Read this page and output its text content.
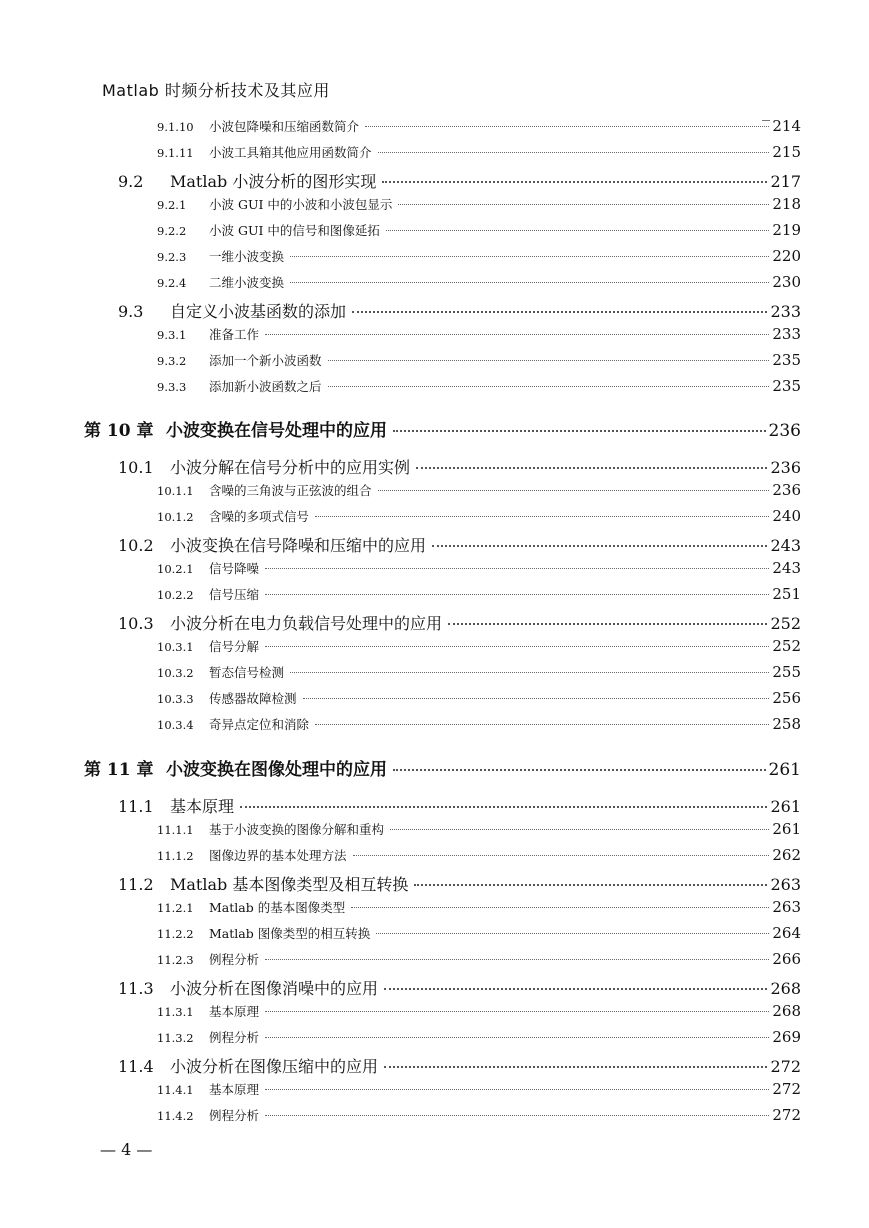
Matlab 时频分析技术及其应用
9.1.10	小波包降噪和压缩函数简介	214
9.1.11	小波工具箱其他应用函数简介	215
9.2	Matlab 小波分析的图形实现	217
9.2.1	小波 GUI 中的小波和小波包显示	218
9.2.2	小波 GUI 中的信号和图像延拓	219
9.2.3	一维小波变换	220
9.2.4	二维小波变换	230
9.3	自定义小波基函数的添加	233
9.3.1	准备工作	233
9.3.2	添加一个新小波函数	235
9.3.3	添加新小波函数之后	235
第 10 章 小波变换在信号处理中的应用	236
10.1	小波分解在信号分析中的应用实例	236
10.1.1	含噪的三角波与正弦波的组合	236
10.1.2	含噪的多项式信号	240
10.2	小波变换在信号降噪和压缩中的应用	243
10.2.1	信号降噪	243
10.2.2	信号压缩	251
10.3	小波分析在电力负载信号处理中的应用	252
10.3.1	信号分解	252
10.3.2	暂态信号检测	255
10.3.3	传感器故障检测	256
10.3.4	奇异点定位和消除	258
第 11 章 小波变换在图像处理中的应用	261
11.1	基本原理	261
11.1.1	基于小波变换的图像分解和重构	261
11.1.2	图像边界的基本处理方法	262
11.2	Matlab 基本图像类型及相互转换	263
11.2.1	Matlab 的基本图像类型	263
11.2.2	Matlab 图像类型的相互转换	264
11.2.3	例程分析	266
11.3	小波分析在图像消噪中的应用	268
11.3.1	基本原理	268
11.3.2	例程分析	269
11.4	小波分析在图像压缩中的应用	272
11.4.1	基本原理	272
11.4.2	例程分析	272
— 4 —
